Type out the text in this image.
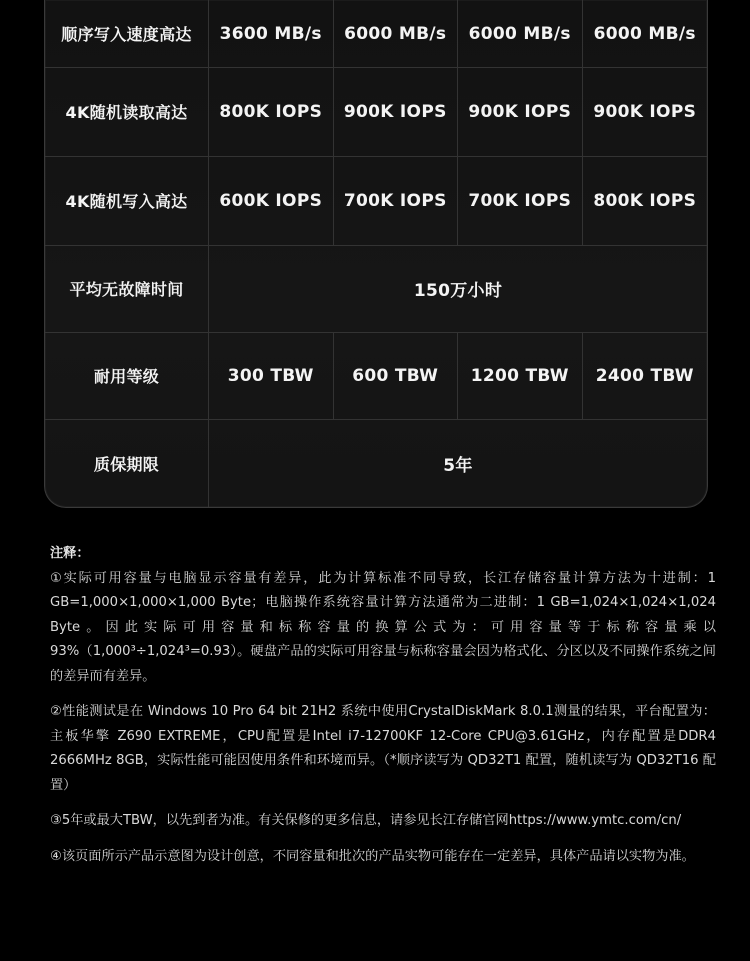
顺序写入速度高达	3600 MB/s	6000 MB/s	6000 MB/s	6000 MB/s
4K随机读取高达	800K IOPS	900K IOPS	900K IOPS	900K IOPS
4K随机写入高达	600K IOPS	700K IOPS	700K IOPS	800K IOPS
平均无故障时间	150万小时
耐用等级	300 TBW	600 TBW	1200 TBW	2400 TBW
质保期限	5年
注释：

①实际可用容量与电脑显示容量有差异，此为计算标准不同导致，长江存储容量计算方法为十进制：1 GB=1,000×1,000×1,000 Byte；电脑操作系统容量计算方法通常为二进制：1 GB=1,024×1,024×1,024 Byte。因此实际可用容量和标称容量的换算公式为：可用容量等于标称容量乘以 93%（1,000³÷1,024³=0.93）。硬盘产品的实际可用容量与标称容量会因为格式化、分区以及不同操作系统之间的差异而有差异。

②性能测试是在 Windows 10 Pro 64 bit 21H2 系统中使用CrystalDiskMark 8.0.1测量的结果，平台配置为：主板华擎 Z690 EXTREME，CPU配置是Intel i7-12700KF 12-Core CPU@3.61GHz，内存配置是DDR4 2666MHz 8GB，实际性能可能因使用条件和环境而异。（*顺序读写为 QD32T1 配置，随机读写为 QD32T16 配置）

③5年或最大TBW，以先到者为准。有关保修的更多信息，请参见长江存储官网https://www.ymtc.com/cn/

④该页面所示产品示意图为设计创意，不同容量和批次的产品实物可能存在一定差异，具体产品请以实物为准。
